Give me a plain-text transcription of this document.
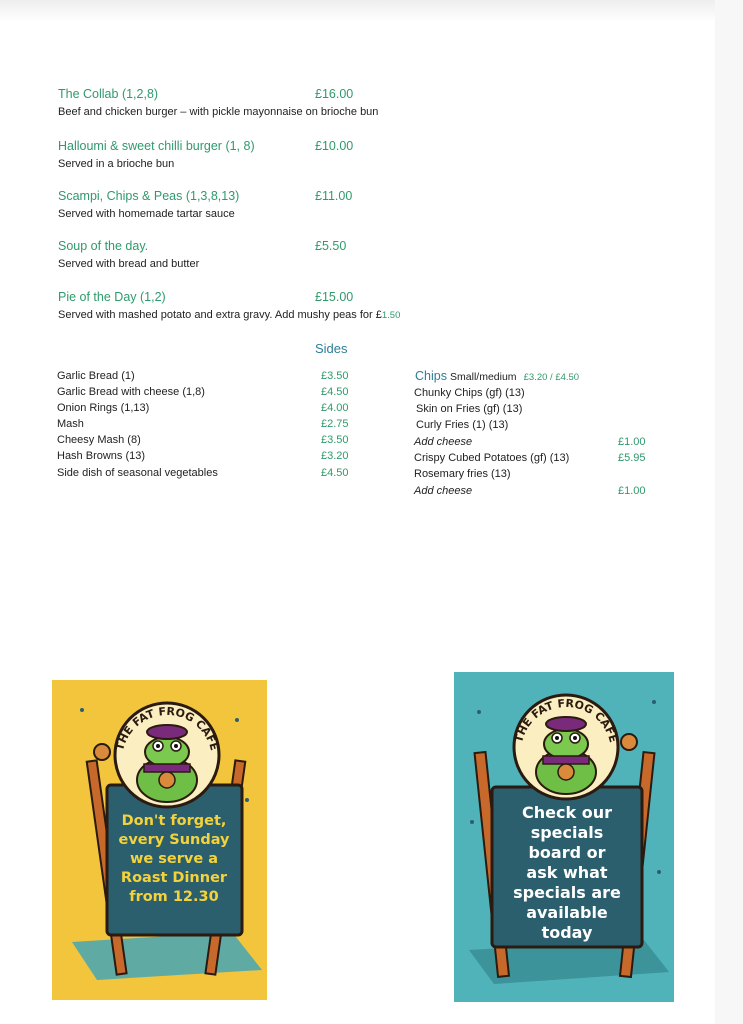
The Collab (1,2,8)	£16.00
Beef and chicken burger – with pickle mayonnaise on brioche bun
Halloumi & sweet chilli burger (1, 8)	£10.00
Served in a brioche bun
Scampi, Chips & Peas (1,3,8,13)	£11.00
Served with homemade tartar sauce
Soup of the day.	£5.50
Served with bread and butter
Pie of the Day (1,2)	£15.00
Served with mashed potato and extra gravy. Add mushy peas for £1.50
Sides
Garlic Bread (1)	£3.50
Garlic Bread with cheese (1,8)	£4.50
Onion Rings (1,13)	£4.00
Mash	£2.75
Cheesy Mash (8)	£3.50
Hash Browns (13)	£3.20
Side dish of seasonal vegetables	£4.50
Chips Small/medium £3.20 / £4.50
Chunky Chips (gf) (13)
Skin on Fries (gf) (13)
Curly Fries (1) (13)
Add cheese	£1.00
Crispy Cubed Potatoes (gf) (13)	£5.95
Rosemary fries (13)
Add cheese	£1.00
THE FAT FROG CAFE
Don't forget,
every Sunday
we serve a
Roast Dinner
from 12.30
THE FAT FROG CAFE
Check our
specials
board or
ask what
specials are
available
today
